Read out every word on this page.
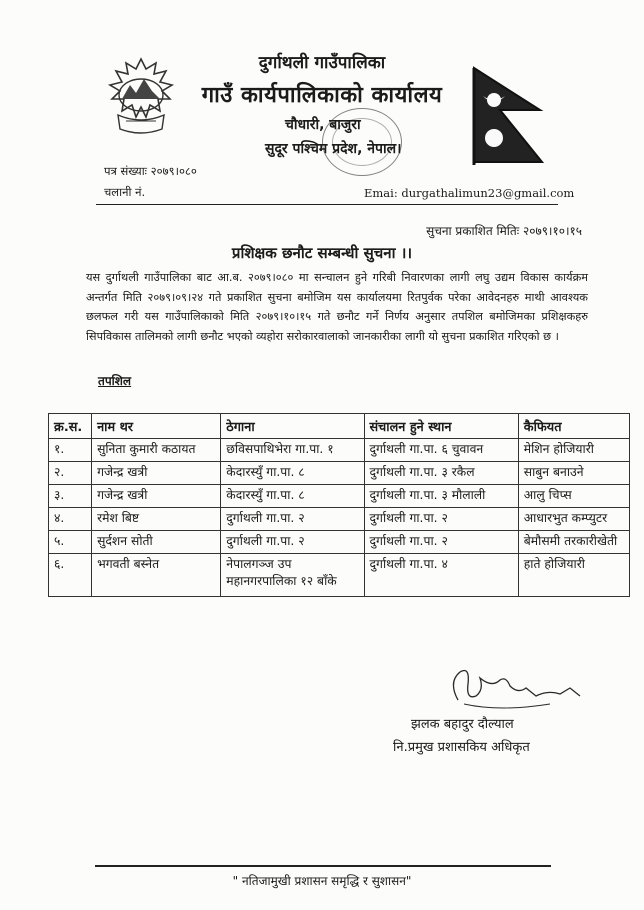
दुर्गाथली गाउँपालिका
गाउँ कार्यपालिकाको कार्यालय
चौधारी, बाजुरा
सुदूर पश्चिम प्रदेश, नेपाल।
पत्र संख्याः २०७९।०८०
चलानी नं.	Emai: durgathalimun23@gmail.com
सुचना प्रकाशित मितिः २०७९।१०।१५
प्रशिक्षक छनौट सम्बन्धी सुचना ।।
यस दुर्गाथली गाउँपालिका बाट आ.ब. २०७९।०८० मा सन्चालन हुने गरिबी निवारणका लागी लघु उद्यम विकास कार्यक्रम अन्तर्गत मिति २०७९।०९।२४ गते प्रकाशित सुचना बमोजिम यस कार्यालयमा रितपुर्वक परेका आवेदनहरु माथी आवश्यक छलफल गरी यस गाउँपालिकाको मिति २०७९।१०।१५ गते छनौट गर्ने निर्णय अनुसार तपशिल बमोजिमका प्रशिक्षकहरु सिपविकास तालिमको लागी छनौट भएको व्यहोरा सरोकारवालाको जानकारीका लागी यो सुचना प्रकाशित गरिएको छ ।
तपशिल
क्र.स.	नाम थर	ठेगाना	संचालन हुने स्थान	कैफियत
१.	सुनिता कुमारी कठायत	छविसपाथिभेरा गा.पा. १	दुर्गाथली गा.पा. ६ चुवावन	मेशिन होजियारी
२.	गजेन्द्र खत्री	केदारस्युँ गा.पा. ८	दुर्गाथली गा.पा. ३ रकैल	साबुन बनाउने
३.	गजेन्द्र खत्री	केदारस्युँ गा.पा. ८	दुर्गाथली गा.पा. ३ मौलाली	आलु चिप्स
४.	रमेश बिष्ट	दुर्गाथली गा.पा. २	दुर्गाथली गा.पा. २	आधारभुत कम्प्युटर
५.	सुर्दशन सोती	दुर्गाथली गा.पा. २	दुर्गाथली गा.पा. २	बेमौसमी तरकारीखेती
६.	भगवती बस्नेत	नेपालगञ्ज उप महानगरपालिका १२ बाँके	दुर्गाथली गा.पा. ४	हाते होजियारी
झलक बहादुर दौल्याल
नि.प्रमुख प्रशासकिय अधिकृत
" नतिजामुखी प्रशासन समृद्धि र सुशासन"
